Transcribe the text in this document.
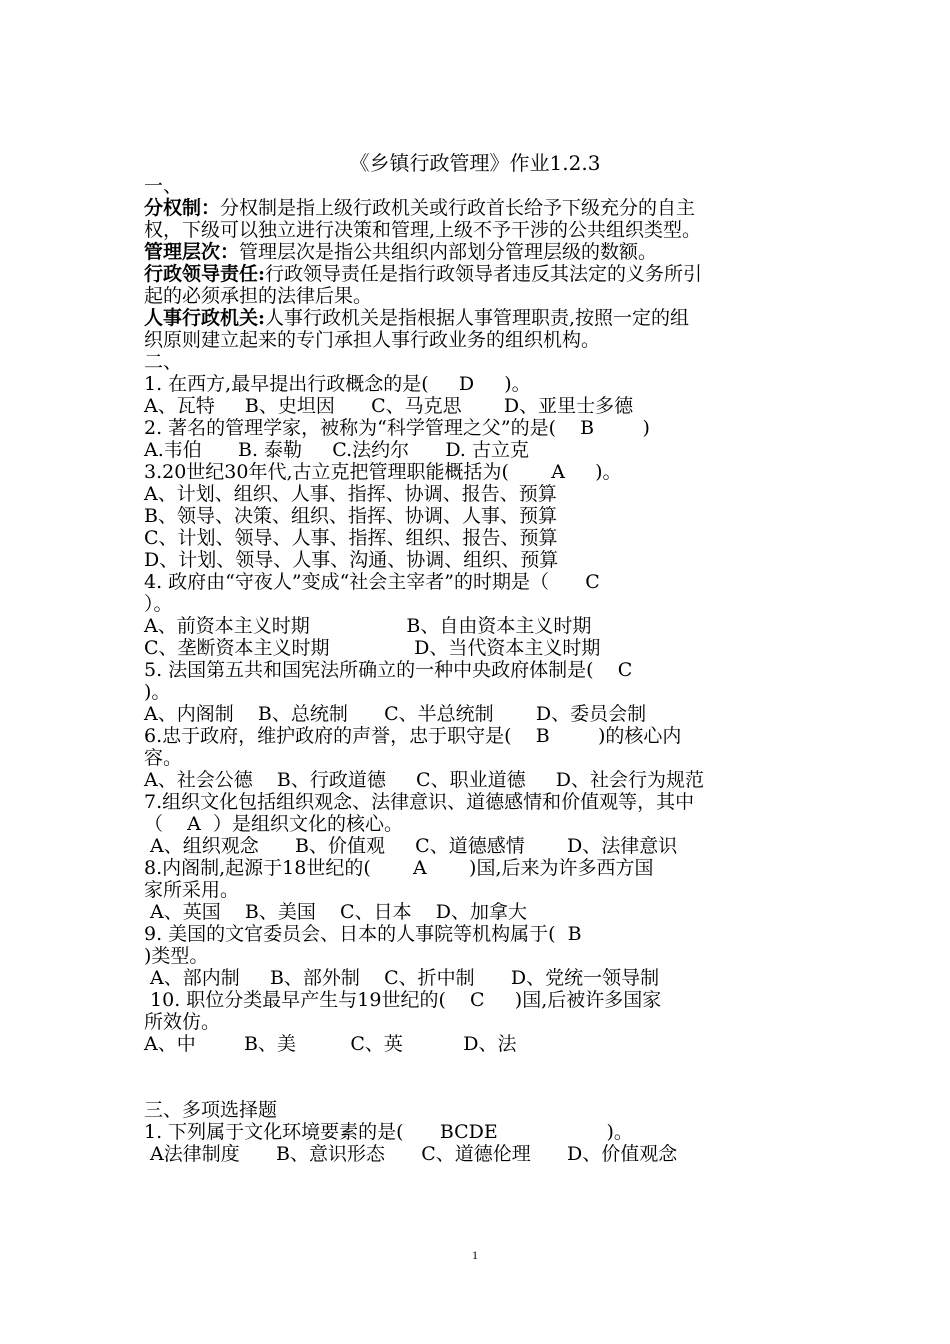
《乡镇行政管理》作业1.2.3
一、
分权制：分权制是指上级行政机关或行政首长给予下级充分的自主
权，下级可以独立进行决策和管理,上级不予干涉的公共组织类型。
管理层次：管理层次是指公共组织内部划分管理层级的数额。
行政领导责任:行政领导责任是指行政领导者违反其法定的义务所引
起的必须承担的法律后果。
人事行政机关:人事行政机关是指根据人事管理职责,按照一定的组
织原则建立起来的专门承担人事行政业务的组织机构。
二、
1. 在西方,最早提出行政概念的是(     D     )。
A、瓦特     B、史坦因      C、马克思       D、亚里士多德
2. 著名的管理学家，被称为“科学管理之父”的是(    B        )
A.韦伯      B. 泰勒     C.法约尔      D. 古立克
3.20世纪30年代,古立克把管理职能概括为(       A     )。
A、计划、组织、人事、指挥、协调、报告、预算
B、领导、决策、组织、指挥、协调、人事、预算
C、计划、领导、人事、指挥、组织、报告、预算
D、计划、领导、人事、沟通、协调、组织、预算
4. 政府由“守夜人”变成“社会主宰者”的时期是（      C
）。
A、前资本主义时期                B、自由资本主义时期
C、垄断资本主义时期              D、当代资本主义时期
5. 法国第五共和国宪法所确立的一种中央政府体制是(    C
)。
A、内阁制    B、总统制      C、半总统制       D、委员会制
6.忠于政府，维护政府的声誉，忠于职守是(    B        )的核心内
容。
A、社会公德    B、行政道德     C、职业道德     D、社会行为规范
7.组织文化包括组织观念、法律意识、道德感情和价值观等，其中
（    A  ）是组织文化的核心。
A、组织观念      B、价值观     C、道德感情       D、法律意识
8.内阁制,起源于18世纪的(       A       )国,后来为许多西方国
家所采用。
A、英国    B、美国    C、日本    D、加拿大
9. 美国的文官委员会、日本的人事院等机构属于(  B
)类型。
A、部内制     B、部外制    C、折中制      D、党统一领导制
10. 职位分类最早产生与19世纪的(    C     )国,后被许多国家
所效仿。
A、中        B、美         C、英          D、法
三、多项选择题
1. 下列属于文化环境要素的是(      BCDE                  )。
A法律制度      B、意识形态      C、道德伦理      D、价值观念
1
